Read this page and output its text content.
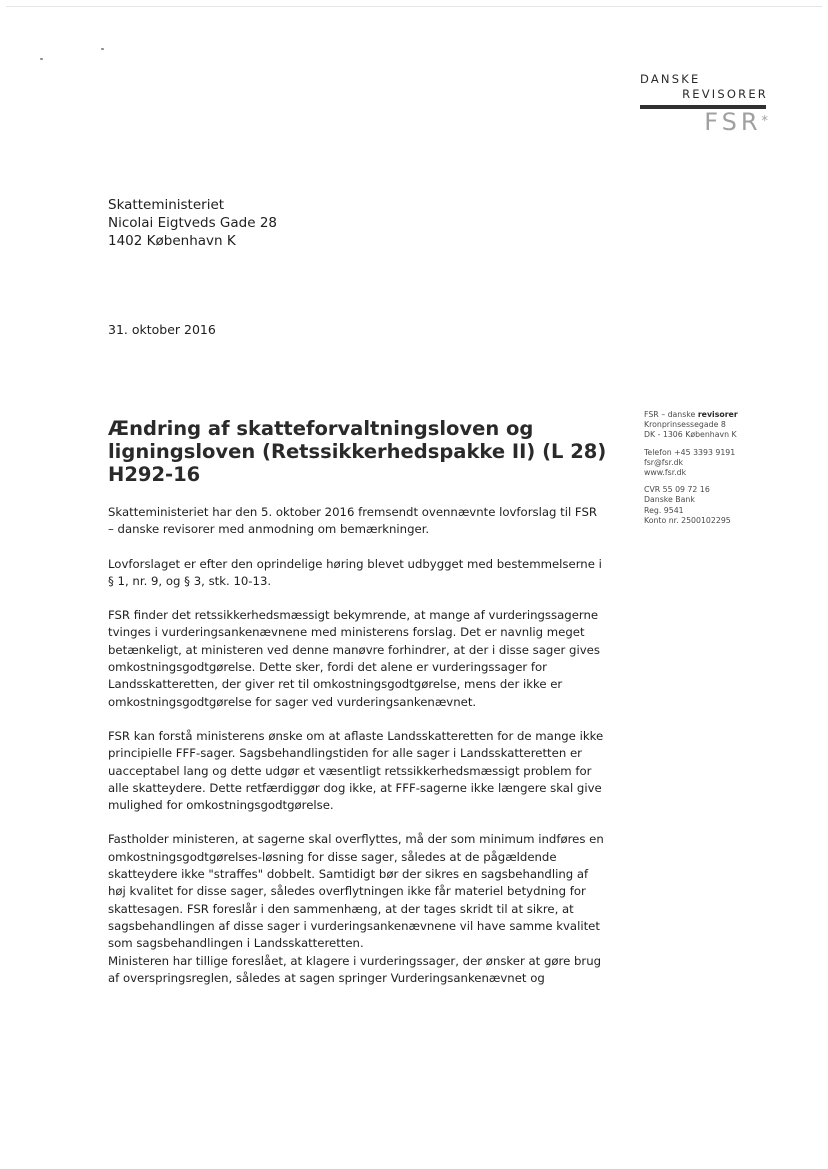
DANSKE
REVISORER
FSR*
Skatteministeriet
Nicolai Eigtveds Gade 28
1402 København K
31. oktober 2016
FSR – danske revisorer
Kronprinsessegade 8
DK - 1306 København K
Telefon +45 3393 9191
fsr@fsr.dk
www.fsr.dk
CVR 55 09 72 16
Danske Bank
Reg. 9541
Konto nr. 2500102295
Ændring af skatteforvaltningsloven og ligningsloven (Retssikkerhedspakke II) (L 28) H292-16

Skatteministeriet har den 5. oktober 2016 fremsendt ovennævnte lovforslag til FSR – danske revisorer med anmodning om bemærkninger.

Lovforslaget er efter den oprindelige høring blevet udbygget med bestemmelserne i § 1, nr. 9, og § 3, stk. 10-13.

FSR finder det retssikkerhedsmæssigt bekymrende, at mange af vurderingssagerne tvinges i vurderingsankenævnene med ministerens forslag. Det er navnlig meget betænkeligt, at ministeren ved denne manøvre forhindrer, at der i disse sager gives omkostningsgodtgørelse. Dette sker, fordi det alene er vurderingssager for Landsskatteretten, der giver ret til omkostningsgodtgørelse, mens der ikke er omkostningsgodtgørelse for sager ved vurderingsankenævnet.

FSR kan forstå ministerens ønske om at aflaste Landsskatteretten for de mange ikke principielle FFF-sager. Sagsbehandlingstiden for alle sager i Landsskatteretten er uacceptabel lang og dette udgør et væsentligt retssikkerhedsmæssigt problem for alle skatteydere. Dette retfærdiggør dog ikke, at FFF-sagerne ikke længere skal give mulighed for omkostningsgodtgørelse.

Fastholder ministeren, at sagerne skal overflyttes, må der som minimum indføres en omkostningsgodtgørelses-løsning for disse sager, således at de pågældende skatteydere ikke "straffes" dobbelt. Samtidigt bør der sikres en sagsbehandling af høj kvalitet for disse sager, således overflytningen ikke får materiel betydning for skattesagen. FSR foreslår i den sammenhæng, at der tages skridt til at sikre, at sagsbehandlingen af disse sager i vurderingsankenævnene vil have samme kvalitet som sagsbehandlingen i Landsskatteretten.

Ministeren har tillige foreslået, at klagere i vurderingssager, der ønsker at gøre brug af overspringsreglen, således at sagen springer Vurderingsankenævnet og
